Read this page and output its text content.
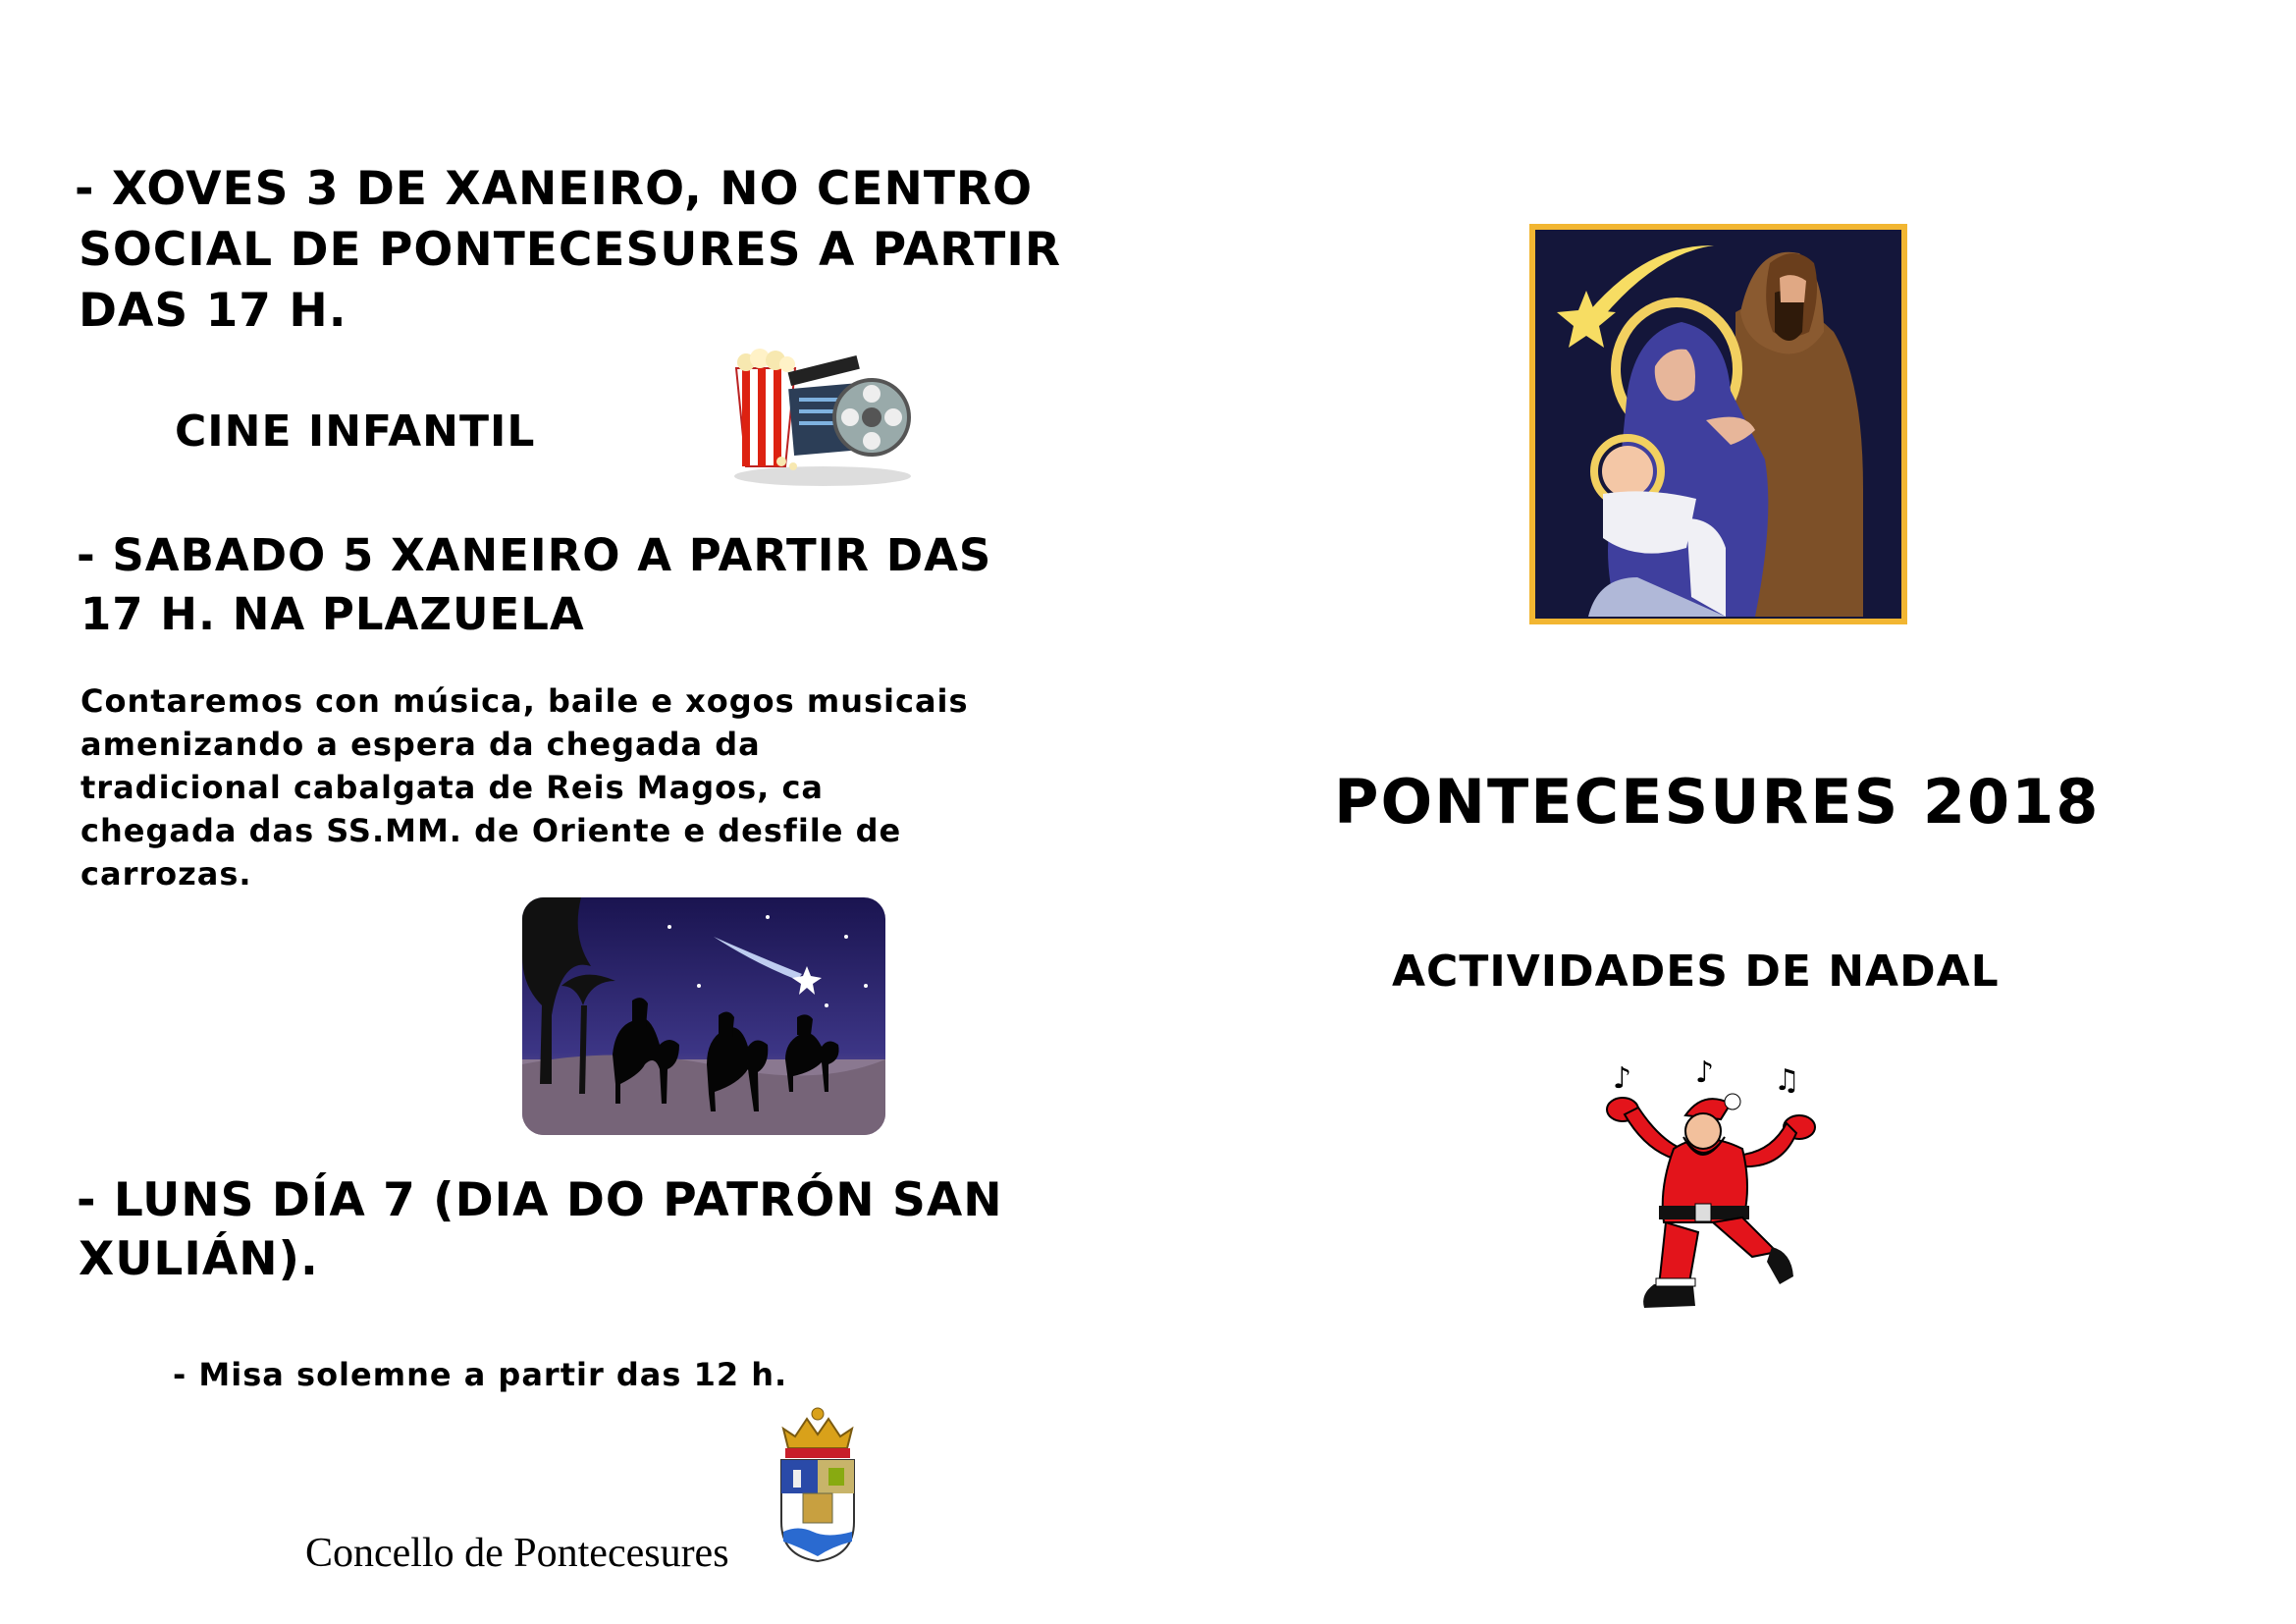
- XOVES 3 DE XANEIRO, NO CENTRO
SOCIAL DE PONTECESURES A PARTIR
DAS 17 H.
CINE INFANTIL
- SABADO 5 XANEIRO A PARTIR DAS
17 H. NA PLAZUELA
Contaremos con música, baile e xogos musicais
amenizando a espera da chegada da
tradicional cabalgata de Reis Magos, ca
chegada das SS.MM. de Oriente e desfile de
carrozas.
- LUNS DÍA 7 (DIA DO PATRÓN SAN
XULIÁN).
- Misa solemne a partir das 12 h.
Concello de Pontecesures
PONTECESURES 2018
ACTIVIDADES DE NADAL
♪ ♪ ♫
